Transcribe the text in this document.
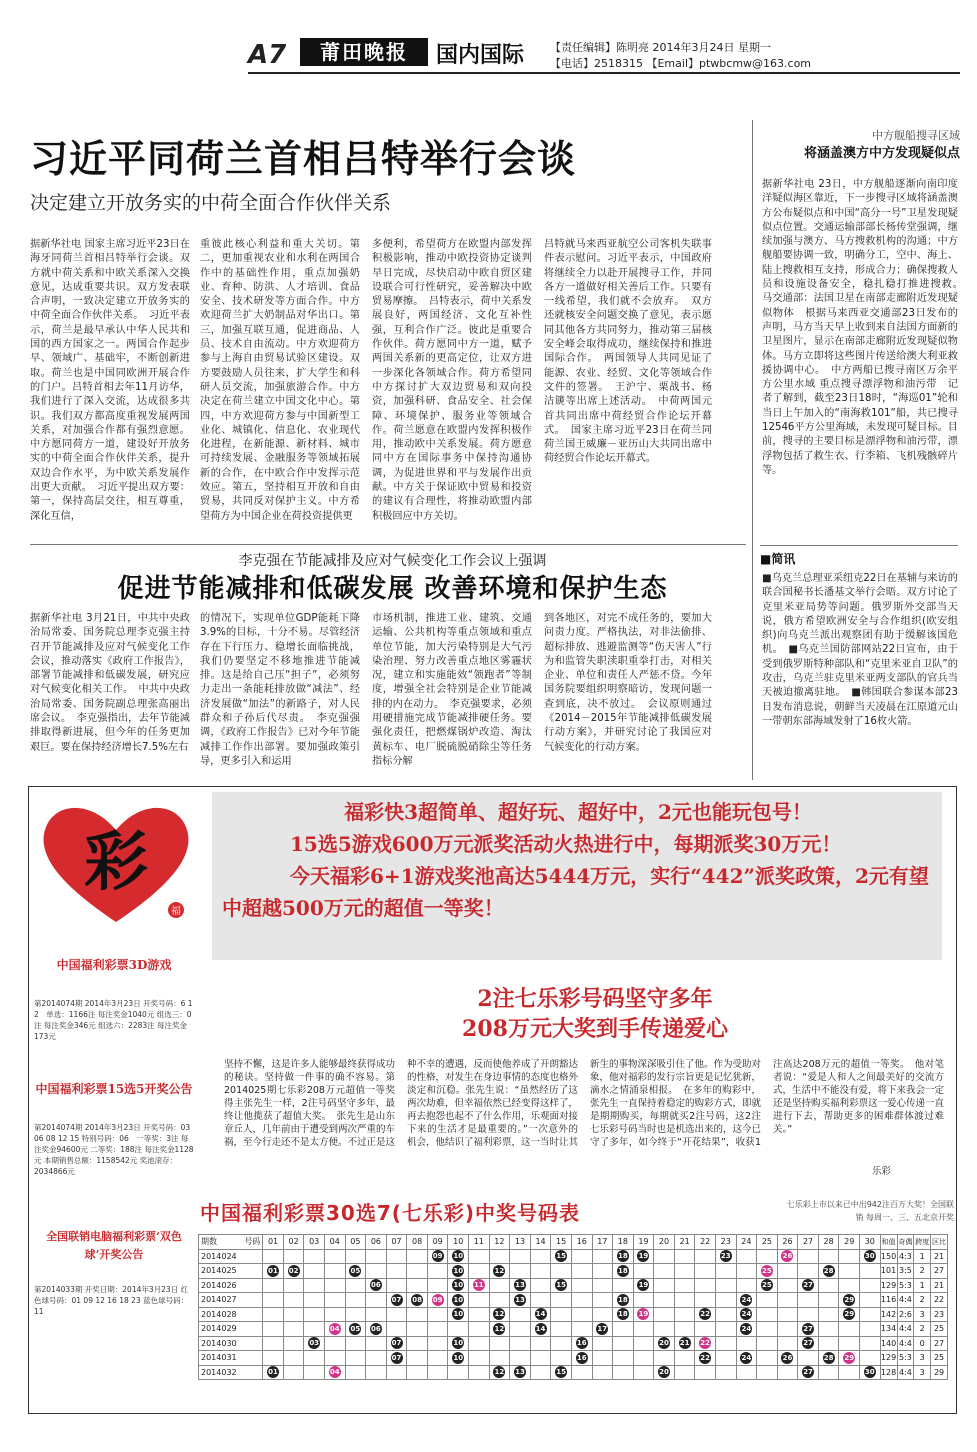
A7	莆田晚报	国内国际 【责任编辑】陈明亮 2014年3月24日 星期一
【电话】2518315 【Email】ptwbcmw@163.com
习近平同荷兰首相吕特举行会谈
决定建立开放务实的中荷全面合作伙伴关系
据新华社电 国家主席习近平23日在海牙同荷兰首相吕特举行会谈。双方就中荷关系和中欧关系深入交换意见，达成重要共识。双方发表联合声明，一致决定建立开放务实的中荷全面合作伙伴关系。　习近平表示，荷兰是最早承认中华人民共和国的西方国家之一。两国合作起步早、领域广、基础牢，不断创新进取。荷兰也是中国同欧洲开展合作的门户。吕特首相去年11月访华，我们进行了深入交流，达成很多共识。我们双方都高度重视发展两国关系，对加强合作都有强烈意愿。中方愿同荷方一道，建设好开放务实的中荷全面合作伙伴关系，提升双边合作水平，为中欧关系发展作出更大贡献。　习近平提出双方要：第一，保持高层交往，相互尊重，深化互信，
重彼此核心利益和重大关切。第二，更加重视农业和水利在两国合作中的基础性作用，重点加强奶业、育种、防洪、人才培训、食品安全、技术研发等方面合作。中方欢迎荷兰扩大奶制品对华出口。第三，加强互联互通，促进商品、人员、技术自由流动。中方欢迎荷方参与上海自由贸易试验区建设。双方要鼓励人员往来，扩大学生和科研人员交流，加强旅游合作。中方决定在荷兰建立中国文化中心。第四，中方欢迎荷方参与中国新型工业化、城镇化、信息化、农业现代化进程，在新能源、新材料、城市可持续发展、金融服务等领域拓展新的合作，在中欧合作中发挥示范效应。第五，坚持相互开放和自由贸易，共同反对保护主义。中方希望荷方为中国企业在荷投资提供更
多便利，希望荷方在欧盟内部发挥积极影响，推动中欧投资协定谈判早日完成，尽快启动中欧自贸区建设联合可行性研究，妥善解决中欧贸易摩擦。　吕特表示，荷中关系发展良好，两国经济、文化互补性强，互利合作广泛。彼此是重要合作伙伴。荷方愿同中方一道，赋予两国关系新的更高定位，让双方进一步深化各领域合作。荷方希望同中方探讨扩大双边贸易和双向投资，加强科研、食品安全、社会保障、环境保护、服务业等领域合作。荷兰愿意在欧盟内发挥积极作用，推动欧中关系发展。荷方愿意同中方在国际事务中保持沟通协调，为促进世界和平与发展作出贡献。中方关于保证欧中贸易和投资的建议有合理性，将推动欧盟内部积极回应中方关切。
吕特就马来西亚航空公司客机失联事件表示慰问。习近平表示，中国政府将继续全力以赴开展搜寻工作，并同各方一道做好相关善后工作。只要有一线希望，我们就不会放弃。　双方还就核安全问题交换了意见，表示愿同其他各方共同努力，推动第三届核安全峰会取得成功，继续保持和推进国际合作。　两国领导人共同见证了能源、农业、经贸、文化等领域合作文件的签署。　王沪宁、栗战书、杨洁篪等出席上述活动。　中荷两国元首共同出席中荷经贸合作论坛开幕式。　国家主席习近平23日在荷兰同荷兰国王威廉－亚历山大共同出席中荷经贸合作论坛开幕式。
中方舰船搜寻区域
将涵盖澳方中方发现疑似点
据新华社电 23日，中方舰船逐渐向南印度洋疑似海区靠近，下一步搜寻区域将涵盖澳方公布疑似点和中国“高分一号”卫星发现疑似点位置。交通运输部部长杨传堂强调，继续加强与澳方、马方搜救机构的沟通；中方舰船要协调一致，明确分工，空中、海上、陆上搜救相互支持，形成合力；确保搜救人员和设施设备安全，稳扎稳打推进搜救。　马交通部：法国卫星在南部走廊附近发现疑似物体　根据马来西亚交通部23日发布的声明，马方当天早上收到来自法国方面新的卫星图片，显示在南部走廊附近发现疑似物体。马方立即将这些图片传送给澳大利亚救援协调中心。　中方两船已搜寻南区万余平方公里水域 重点搜寻漂浮物和油污带　记者了解到，截至23日18时，“海巡01”轮和当日上午加入的“南海救101”船，共已搜寻12546平方公里海域，未发现可疑目标。目前，搜寻的主要目标是漂浮物和油污带，漂浮物包括了救生衣、行李箱、飞机残骸碎片等。
李克强在节能减排及应对气候变化工作会议上强调
促进节能减排和低碳发展 改善环境和保护生态
据新华社电 3月21日，中共中央政治局常委、国务院总理李克强主持召开节能减排及应对气候变化工作会议，推动落实《政府工作报告》，部署节能减排和低碳发展，研究应对气候变化相关工作。　中共中央政治局常委、国务院副总理张高丽出席会议。　李克强指出，去年节能减排取得新进展，但今年的任务更加艰巨。要在保持经济增长7.5%左右
的情况下，实现单位GDP能耗下降3.9%的目标，十分不易。尽管经济存在下行压力、稳增长面临挑战，我们仍要坚定不移地推进节能减排。这是给自己压“担子”，必须努力走出一条能耗排放做“减法”、经济发展做“加法”的新路子，对人民群众和子孙后代尽责。　李克强强调，《政府工作报告》已对今年节能减排工作作出部署。要加强政策引导，更多引入和运用
市场机制，推进工业、建筑、交通运输、公共机构等重点领域和重点单位节能，加大污染特别是大气污染治理、努力改善重点地区雾霾状况，建立和实施能效“领跑者”等制度，增强全社会特别是企业节能减排的内在动力。　李克强要求，必须用硬措施完成节能减排硬任务。要强化责任，把燃煤锅炉改造、淘汰黄标车、电厂脱硫脱硝除尘等任务指标分解
到各地区，对完不成任务的，要加大问责力度。严格执法，对非法偷排、超标排放、逃避监测等“伤天害人”行为和监管失职渎职重拳打击，对相关企业、单位和责任人严惩不贷。今年国务院要组织明察暗访，发现问题一查到底，决不放过。　会议原则通过《2014－2015年节能减排低碳发展行动方案》，并研究讨论了我国应对气候变化的行动方案。
■简讯
■乌克兰总理亚采纽克22日在基辅与来访的联合国秘书长潘基文举行会晤。双方讨论了克里米亚局势等问题。俄罗斯外交部当天说，俄方希望欧洲安全与合作组织(欧安组织)向乌克兰派出观察团有助于缓解该国危机。　■乌克兰国防部网站22日宣布，由于受到俄罗斯特种部队和“克里米亚自卫队”的攻击，乌克兰驻克里米亚两支部队的官兵当天被迫撤离驻地。　■韩国联合参谋本部23日发布消息说，朝鲜当天凌晨在江原道元山一带朝东部海域发射了16枚火箭。
彩
福
福彩快3超简单、超好玩、超好中，2元也能玩包号！
15选5游戏600万元派奖活动火热进行中，每期派奖30万元！
今天福彩6+1游戏奖池高达5444万元，实行“442”派奖政策，2元有望中超越500万元的超值一等奖！
中国福利彩票3D游戏
第2014074期 2014年3月23日 开奖号码：6 1 2　单选：1166注 每注奖金1040元 组选三：0注 每注奖金346元 组选六：2283注 每注奖金173元
中国福利彩票15选5开奖公告
第2014074期 2014年3月23日 开奖号码：03 06 08 12 15 特别号码：06　一等奖：3注 每注奖金94600元 二等奖：188注 每注奖金1128元 本期销售总额：1158542元 奖池滚存：2034866元
全国联销电脑福利彩票‘双色球’开奖公告
第2014033期 开奖日期：2014年3月23日 红色球号码：01 09 12 16 18 23 蓝色球号码：11
2注七乐彩号码坚守多年
208万元大奖到手传递爱心
坚持不懈，这是许多人能够最终获得成功的秘诀。坚持做一件事的确不容易。第2014025期七乐彩208万元超值一等奖得主张先生一样，2注号码坚守多年，最终让他揽获了超值大奖。　张先生是山东章丘人，几年前由于遭受到两次严重的车祸，至今行走还不是太方便。不过正是这种不幸的遭遇，反而使他养成了开朗豁达的性格，对发生在身边事情的态度也格外淡定和沉稳。张先生说：“虽然经历了这两次劫难，但幸福依然已经变得这样了，再去抱怨也起不了什么作用，乐观面对接下来的生活才是最重要的。”一次意外的机会，他结识了福利彩票，这一当时让其新生的事物深深吸引住了他。作为受助对象，他对福彩的发行宗旨更是记忆犹新，滴水之情涌泉相报。　在多年的购彩中，张先生一直保持着稳定的购彩方式，即就是期期购买，每期就买2注号码，这2注七乐彩号码当时也是机选出来的，这今已守了多年，如今终于“开花结果”，收获1注高达208万元的超值一等奖。　他对笔者说：“爱是人和人之间最美好的交流方式，生活中不能没有爱，将下来我会一定还是坚持购买福利彩票这一爱心传递一直进行下去，帮助更多的困难群体渡过难关。”
乐彩
中国福利彩票30选7(七乐彩)中奖号码表	七乐彩上市以来已中出942注百万大奖！全国联销 每周一、三、五北京开奖
期数 号码	01	02	03	04	05	06	07	08	09	10	11	12	13	14	15	16	17	18	19	20	21	22	23	24	25	26	27	28	29	30	和值	奇偶	跨度	区比
2014024									09	10					15			18	19				23			26				30	150	4:3	1	21
2014025	01	02			05					10		12						18							25			28			101	3:5	2	27
2014026						06				10	11		13		15				19						25		27				129	5:3	1	21
2014027							07	08	09	10			13					18						24					29		116	4:4	2	22
2014028										10		12		14				18	19			22		24					29		142	2:6	3	23
2014029				04	05	06						12		14			17							24			27				134	4:4	2	25
2014030			03				07			10						16				20	21	22					27				140	4:4	0	27
2014031							07			10						16						22		24		26		28	29		129	5:3	3	25
2014032	01			04								12	13		15					20							27			30	128	4:4	3	29
